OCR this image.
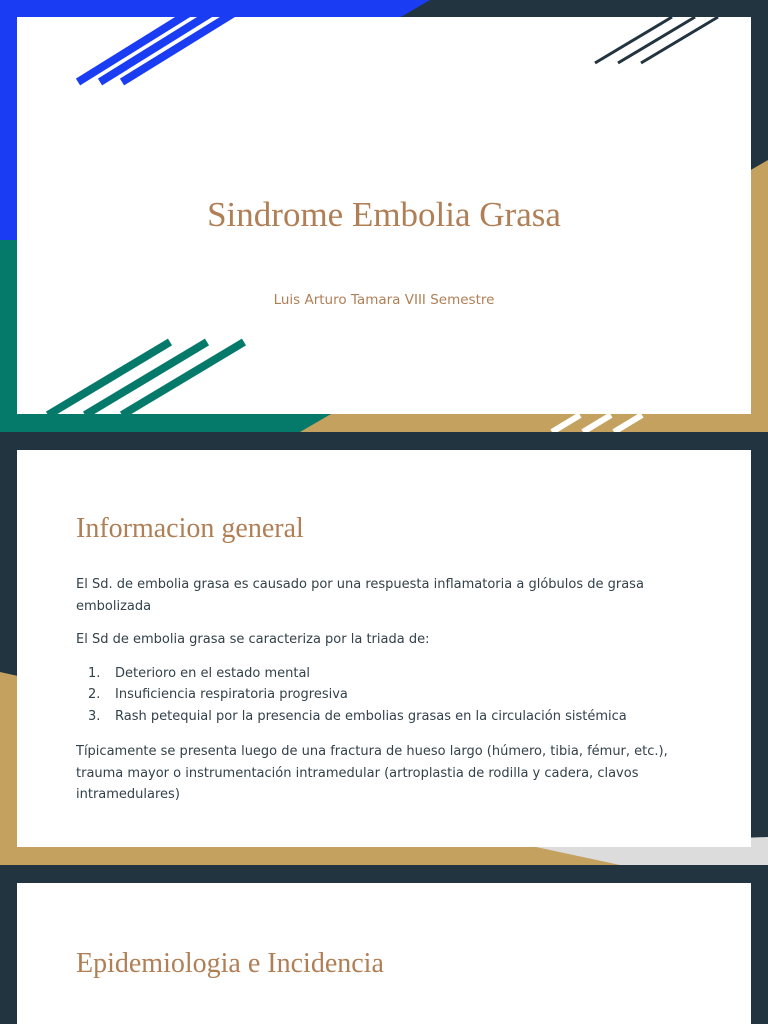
Sindrome Embolia Grasa

Luis Arturo Tamara VIII Semestre

Informacion general

El Sd. de embolia grasa es causado por una respuesta inflamatoria a glóbulos de grasa embolizada

El Sd de embolia grasa se caracteriza por la triada de:

1. Deterioro en el estado mental
2. Insuficiencia respiratoria progresiva
3. Rash petequial por la presencia de embolias grasas en la circulación sistémica

Típicamente se presenta luego de una fractura de hueso largo (húmero, tibia, fémur, etc.), trauma mayor o instrumentación intramedular (artroplastia de rodilla y cadera, clavos intramedulares)

Epidemiologia e Incidencia
